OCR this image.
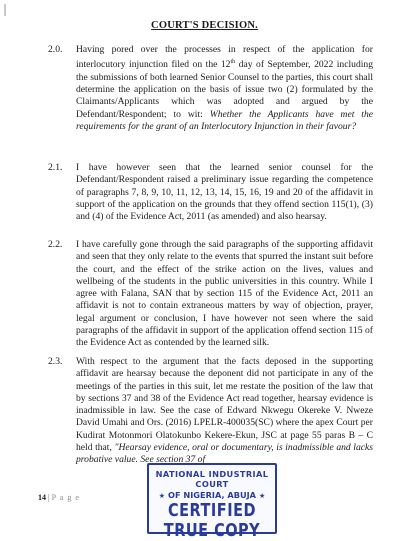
COURT'S DECISION.
2.0. Having pored over the processes in respect of the application for interlocutory injunction filed on the 12th day of September, 2022 including the submissions of both learned Senior Counsel to the parties, this court shall determine the application on the basis of issue two (2) formulated by the Claimants/Applicants which was adopted and argued by the Defendant/Respondent; to wit: Whether the Applicants have met the requirements for the grant of an Interlocutory Injunction in their favour?
2.1. I have however seen that the learned senior counsel for the Defendant/Respondent raised a preliminary issue regarding the competence of paragraphs 7, 8, 9, 10, 11, 12, 13, 14, 15, 16, 19 and 20 of the affidavit in support of the application on the grounds that they offend section 115(1), (3) and (4) of the Evidence Act, 2011 (as amended) and also hearsay.
2.2. I have carefully gone through the said paragraphs of the supporting affidavit and seen that they only relate to the events that spurred the instant suit before the court, and the effect of the strike action on the lives, values and wellbeing of the students in the public universities in this country. While I agree with Falana, SAN that by section 115 of the Evidence Act, 2011 an affidavit is not to contain extraneous matters by way of objection, prayer, legal argument or conclusion, I have however not seen where the said paragraphs of the affidavit in support of the application offend section 115 of the Evidence Act as contended by the learned silk.
2.3. With respect to the argument that the facts deposed in the supporting affidavit are hearsay because the deponent did not participate in any of the meetings of the parties in this suit, let me restate the position of the law that by sections 37 and 38 of the Evidence Act read together, hearsay evidence is inadmissible in law. See the case of Edward Nkwegu Okereke V. Nweze David Umahi and Ors. (2016) LPELR-400035(SC) where the apex Court per Kudirat Motonmori Olatokunbo Kekere-Ekun, JSC at page 55 paras B – C held that, "Hearsay evidence, oral or documentary, is inadmissible and lacks probative value. See section 37 of
14 | P a g e
NATIONAL INDUSTRIAL COURT
★ OF NIGERIA, ABUJA ★
CERTIFIED TRUE COPY
